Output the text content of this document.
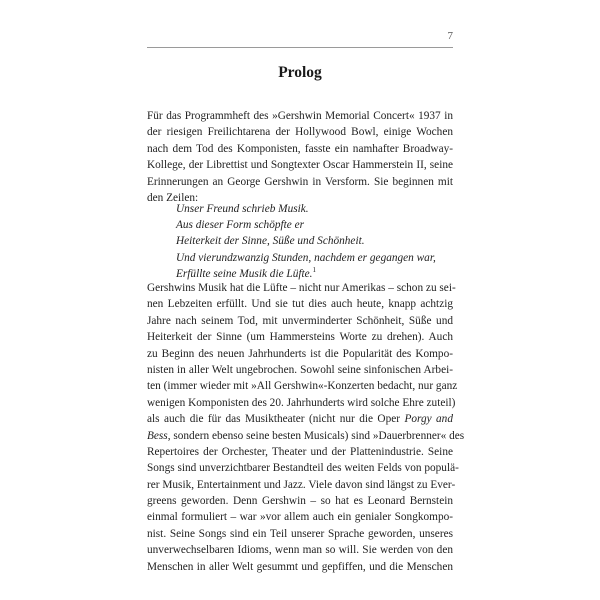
7
Prolog
Für das Programmheft des »Gershwin Memorial Concert« 1937 in
der riesigen Freilichtarena der Hollywood Bowl, einige Wochen
nach dem Tod des Komponisten, fasste ein namhafter Broadway-
Kollege, der Librettist und Songtexter Oscar Hammerstein II, seine
Erinnerungen an George Gershwin in Versform. Sie beginnen mit
den Zeilen:
Unser Freund schrieb Musik.
Aus dieser Form schöpfte er
Heiterkeit der Sinne, Süße und Schönheit.
Und vierundzwanzig Stunden, nachdem er gegangen war,
Erfüllte seine Musik die Lüfte.$^1$
Gershwins Musik hat die Lüfte – nicht nur Amerikas – schon zu sei-
nen Lebzeiten erfüllt. Und sie tut dies auch heute, knapp achtzig
Jahre nach seinem Tod, mit unverminderter Schönheit, Süße und
Heiterkeit der Sinne (um Hammersteins Worte zu drehen). Auch
zu Beginn des neuen Jahrhunderts ist die Popularität des Kompo-
nisten in aller Welt ungebrochen. Sowohl seine sinfonischen Arbei-
ten (immer wieder mit »All Gershwin«-Konzerten bedacht, nur ganz
wenigen Komponisten des 20. Jahrhunderts wird solche Ehre zuteil)
als auch die für das Musiktheater (nicht nur die Oper Porgy and
Bess, sondern ebenso seine besten Musicals) sind »Dauerbrenner« des
Repertoires der Orchester, Theater und der Plattenindustrie. Seine
Songs sind unverzichtbarer Bestandteil des weiten Felds von populä-
rer Musik, Entertainment und Jazz. Viele davon sind längst zu Ever-
greens geworden. Denn Gershwin – so hat es Leonard Bernstein
einmal formuliert – war »vor allem auch ein genialer Songkompo-
nist. Seine Songs sind ein Teil unserer Sprache geworden, unseres
unverwechselbaren Idioms, wenn man so will. Sie werden von den
Menschen in aller Welt gesummt und gepfiffen, und die Menschen
